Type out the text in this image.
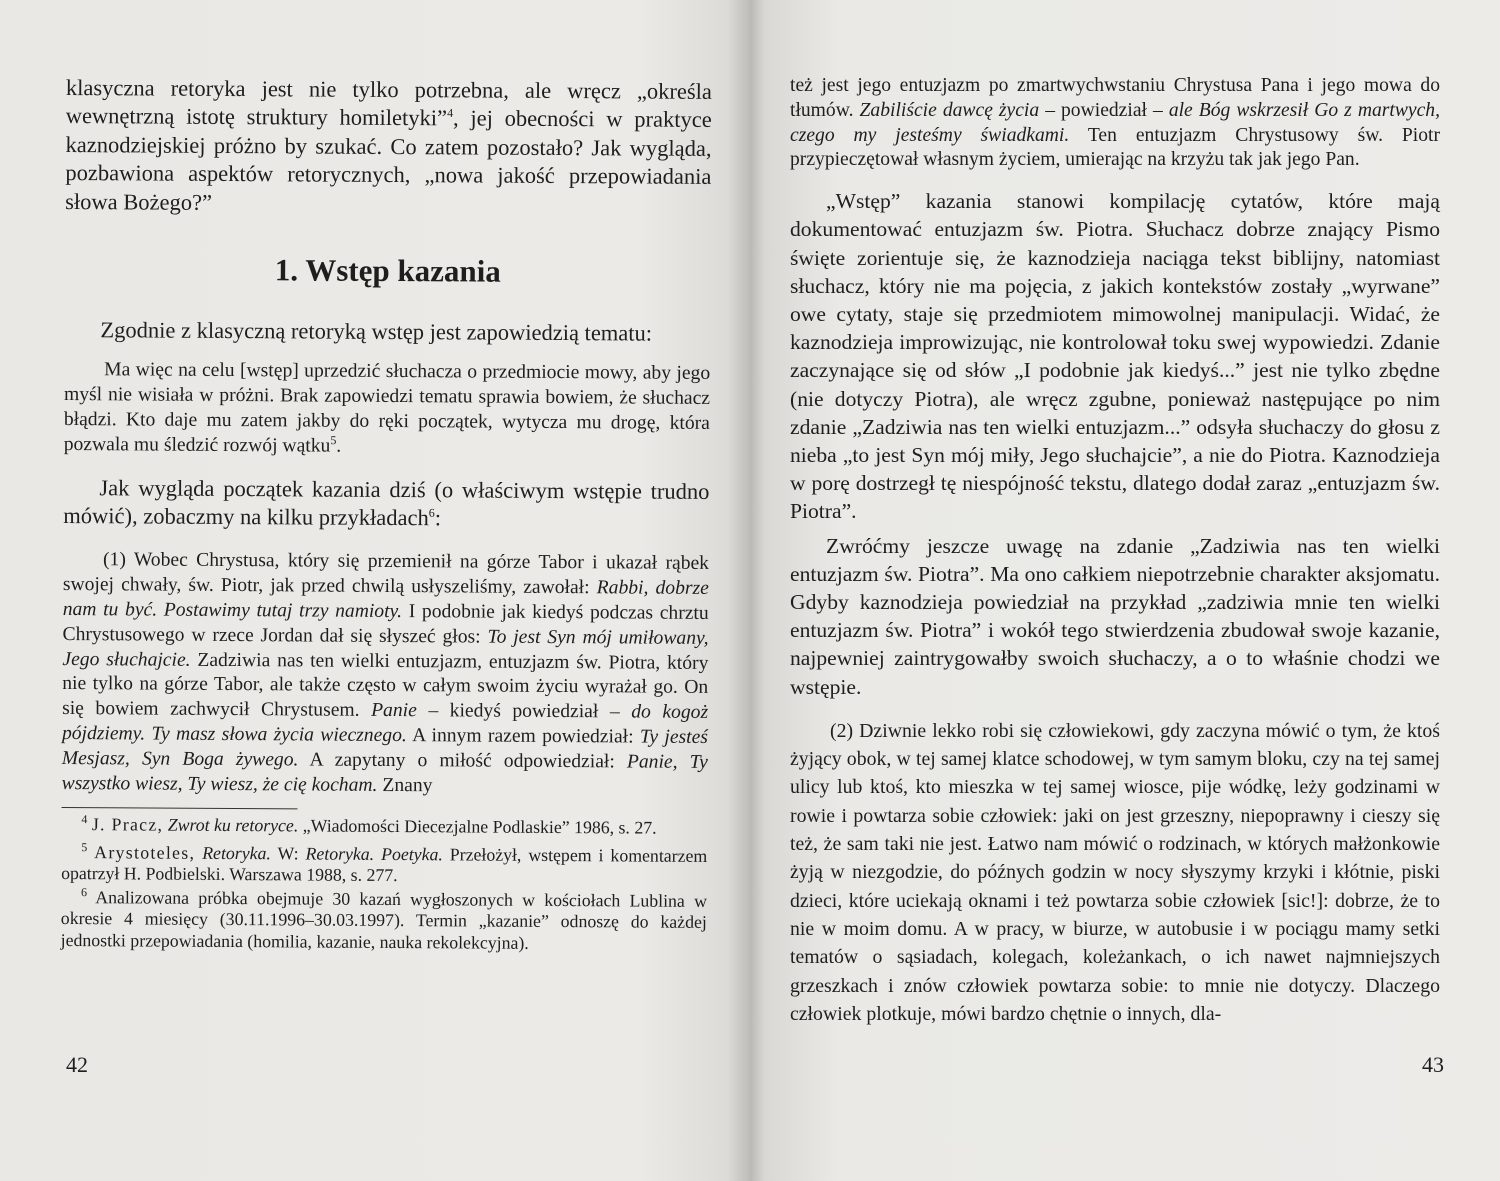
klasyczna retoryka jest nie tylko potrzebna, ale wręcz „określa wewnętrzną istotę struktury homiletyki”$^4$, jej obecności w praktyce kaznodziejskiej próżno by szukać. Co zatem pozostało? Jak wygląda, pozbawiona aspektów retorycznych, „nowa jakość przepowiadania słowa Bożego?”

1. Wstęp kazania

Zgodnie z klasyczną retoryką wstęp jest zapowiedzią tematu:

Ma więc na celu [wstęp] uprzedzić słuchacza o przedmiocie mowy, aby jego myśl nie wisiała w próżni. Brak zapowiedzi tematu sprawia bowiem, że słuchacz błądzi. Kto daje mu zatem jakby do ręki początek, wytycza mu drogę, która pozwala mu śledzić rozwój wątku$^5$.

Jak wygląda początek kazania dziś (o właściwym wstępie trudno mówić), zobaczmy na kilku przykładach$^6$:

(1) Wobec Chrystusa, który się przemienił na górze Tabor i ukazał rąbek swojej chwały, św. Piotr, jak przed chwilą usłyszeliśmy, zawołał: Rabbi, dobrze nam tu być. Postawimy tutaj trzy namioty. I podobnie jak kiedyś podczas chrztu Chrystusowego w rzece Jordan dał się słyszeć głos: To jest Syn mój umiłowany, Jego słuchajcie. Zadziwia nas ten wielki entuzjazm, entuzjazm św. Piotra, który nie tylko na górze Tabor, ale także często w całym swoim życiu wyrażał go. On się bowiem zachwycił Chrystusem. Panie – kiedyś powiedział – do kogoż pójdziemy. Ty masz słowa życia wiecznego. A innym razem powiedział: Ty jesteś Mesjasz, Syn Boga żywego. A zapytany o miłość odpowiedział: Panie, Ty wszystko wiesz, Ty wiesz, że cię kocham. Znany

$^4$ J. Pracz, Zwrot ku retoryce. „Wiadomości Diecezjalne Podlaskie” 1986, s. 27.

$^5$ Arystoteles, Retoryka. W: Retoryka. Poetyka. Przełożył, wstępem i komentarzem opatrzył H. Podbielski. Warszawa 1988, s. 277.

$^6$ Analizowana próbka obejmuje 30 kazań wygłoszonych w kościołach Lublina w okresie 4 miesięcy (30.11.1996–30.03.1997). Termin „kazanie” odnoszę do każdej jednostki przepowiadania (homilia, kazanie, nauka rekolekcyjna).

42

też jest jego entuzjazm po zmartwychwstaniu Chrystusa Pana i jego mowa do tłumów. Zabiliście dawcę życia – powiedział – ale Bóg wskrzesił Go z martwych, czego my jesteśmy świadkami. Ten entuzjazm Chrystusowy św. Piotr przypieczętował własnym życiem, umierając na krzyżu tak jak jego Pan.

„Wstęp” kazania stanowi kompilację cytatów, które mają dokumentować entuzjazm św. Piotra. Słuchacz dobrze znający Pismo święte zorientuje się, że kaznodzieja naciąga tekst biblijny, natomiast słuchacz, który nie ma pojęcia, z jakich kontekstów zostały „wyrwane” owe cytaty, staje się przedmiotem mimowolnej manipulacji. Widać, że kaznodzieja improwizując, nie kontrolował toku swej wypowiedzi. Zdanie zaczynające się od słów „I podobnie jak kiedyś...” jest nie tylko zbędne (nie dotyczy Piotra), ale wręcz zgubne, ponieważ następujące po nim zdanie „Zadziwia nas ten wielki entuzjazm...” odsyła słuchaczy do głosu z nieba „to jest Syn mój miły, Jego słuchajcie”, a nie do Piotra. Kaznodzieja w porę dostrzegł tę niespójność tekstu, dlatego dodał zaraz „entuzjazm św. Piotra”.

Zwróćmy jeszcze uwagę na zdanie „Zadziwia nas ten wielki entuzjazm św. Piotra”. Ma ono całkiem niepotrzebnie charakter aksjomatu. Gdyby kaznodzieja powiedział na przykład „zadziwia mnie ten wielki entuzjazm św. Piotra” i wokół tego stwierdzenia zbudował swoje kazanie, najpewniej zaintrygowałby swoich słuchaczy, a o to właśnie chodzi we wstępie.

(2) Dziwnie lekko robi się człowiekowi, gdy zaczyna mówić o tym, że ktoś żyjący obok, w tej samej klatce schodowej, w tym samym bloku, czy na tej samej ulicy lub ktoś, kto mieszka w tej samej wiosce, pije wódkę, leży godzinami w rowie i powtarza sobie człowiek: jaki on jest grzeszny, niepoprawny i cieszy się też, że sam taki nie jest. Łatwo nam mówić o rodzinach, w których małżonkowie żyją w niezgodzie, do późnych godzin w nocy słyszymy krzyki i kłótnie, piski dzieci, które uciekają oknami i też powtarza sobie człowiek [sic!]: dobrze, że to nie w moim domu. A w pracy, w biurze, w autobusie i w pociągu mamy setki tematów o sąsiadach, kolegach, koleżankach, o ich nawet najmniejszych grzeszkach i znów człowiek powtarza sobie: to mnie nie dotyczy. Dlaczego człowiek plotkuje, mówi bardzo chętnie o innych, dla-

43
